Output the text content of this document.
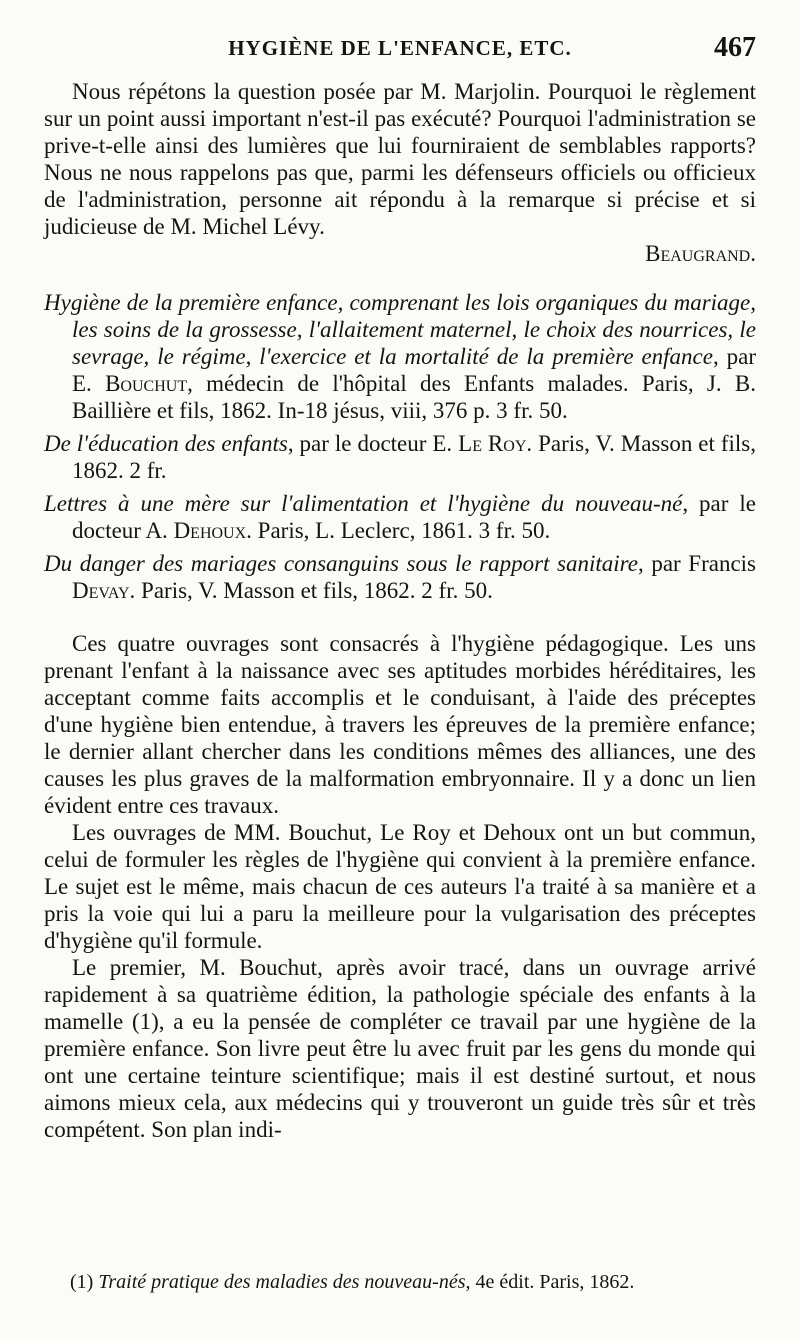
HYGIÈNE DE L'ENFANCE, ETC.	467

Nous répétons la question posée par M. Marjolin. Pourquoi le règlement sur un point aussi important n'est-il pas exécuté? Pourquoi l'administration se prive-t-elle ainsi des lumières que lui fourniraient de semblables rapports? Nous ne nous rappelons pas que, parmi les défenseurs officiels ou officieux de l'administration, personne ait répondu à la remarque si précise et si judicieuse de M. Michel Lévy.

Beaugrand.

Hygiène de la première enfance, comprenant les lois organiques du mariage, les soins de la grossesse, l'allaitement maternel, le choix des nourrices, le sevrage, le régime, l'exercice et la mortalité de la première enfance, par E. Bouchut, médecin de l'hôpital des Enfants malades. Paris, J. B. Baillière et fils, 1862. In-18 jésus, viii, 376 p. 3 fr. 50.

De l'éducation des enfants, par le docteur E. Le Roy. Paris, V. Masson et fils, 1862. 2 fr.

Lettres à une mère sur l'alimentation et l'hygiène du nouveau-né, par le docteur A. Dehoux. Paris, L. Leclerc, 1861. 3 fr. 50.

Du danger des mariages consanguins sous le rapport sanitaire, par Francis Devay. Paris, V. Masson et fils, 1862. 2 fr. 50.

Ces quatre ouvrages sont consacrés à l'hygiène pédagogique. Les uns prenant l'enfant à la naissance avec ses aptitudes morbides héréditaires, les acceptant comme faits accomplis et le conduisant, à l'aide des préceptes d'une hygiène bien entendue, à travers les épreuves de la première enfance; le dernier allant chercher dans les conditions mêmes des alliances, une des causes les plus graves de la malformation embryonnaire. Il y a donc un lien évident entre ces travaux.

Les ouvrages de MM. Bouchut, Le Roy et Dehoux ont un but commun, celui de formuler les règles de l'hygiène qui convient à la première enfance. Le sujet est le même, mais chacun de ces auteurs l'a traité à sa manière et a pris la voie qui lui a paru la meilleure pour la vulgarisation des préceptes d'hygiène qu'il formule.

Le premier, M. Bouchut, après avoir tracé, dans un ouvrage arrivé rapidement à sa quatrième édition, la pathologie spéciale des enfants à la mamelle (1), a eu la pensée de compléter ce travail par une hygiène de la première enfance. Son livre peut être lu avec fruit par les gens du monde qui ont une certaine teinture scientifique; mais il est destiné surtout, et nous aimons mieux cela, aux médecins qui y trouveront un guide très sûr et très compétent. Son plan indi-

(1) Traité pratique des maladies des nouveau-nés, 4e édit. Paris, 1862.
